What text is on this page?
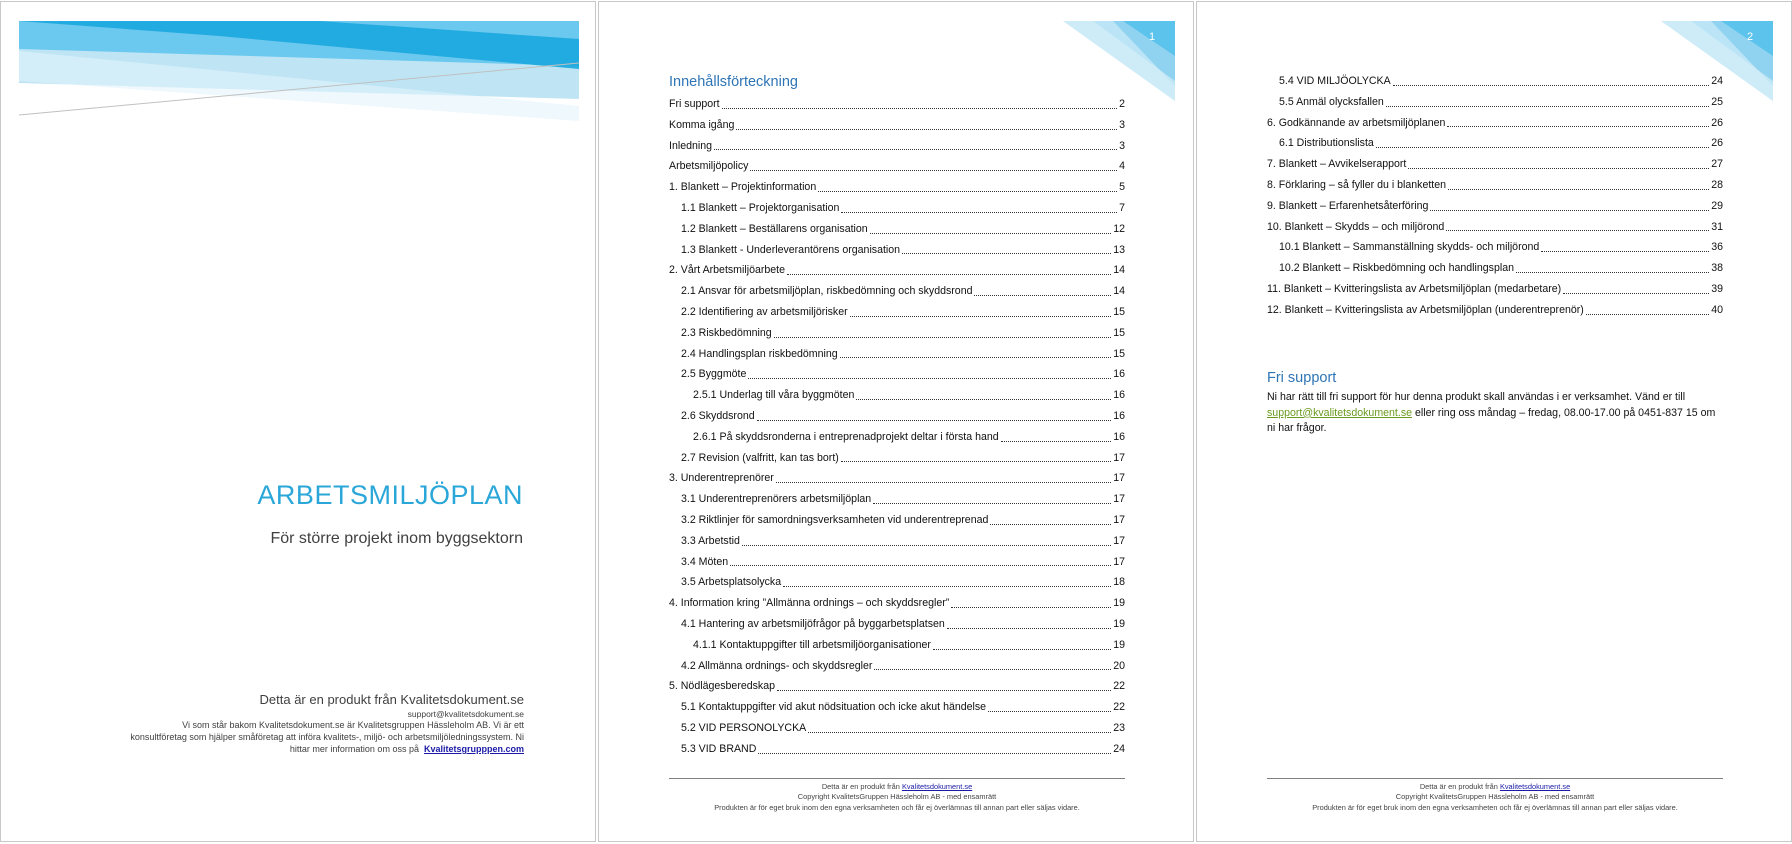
ARBETSMILJÖPLAN
För större projekt inom byggsektorn
Detta är en produkt från Kvalitetsdokument.se
support@kvalitetsdokument.se
Vi som står bakom Kvalitetsdokument.se är Kvalitetsgruppen Hässleholm AB. Vi är ett konsultföretag som hjälper småföretag att införa kvalitets-, miljö- och arbetsmiljöledningssystem. Ni hittar mer information om oss på Kvalitetsgrupppen.com
1
Innehållsförteckning
Fri support	2
Komma igång	3
Inledning	3
Arbetsmiljöpolicy	4
1. Blankett – Projektinformation	5
1.1 Blankett – Projektorganisation	7
1.2 Blankett – Beställarens organisation	12
1.3 Blankett - Underleverantörens organisation	13
2. Vårt Arbetsmiljöarbete	14
2.1 Ansvar för arbetsmiljöplan, riskbedömning och skyddsrond	14
2.2 Identifiering av arbetsmiljörisker	15
2.3 Riskbedömning	15
2.4 Handlingsplan riskbedömning	15
2.5 Byggmöte	16
2.5.1 Underlag till våra byggmöten	16
2.6 Skyddsrond	16
2.6.1 På skyddsronderna i entreprenadprojekt deltar i första hand	16
2.7 Revision (valfritt, kan tas bort)	17
3. Underentreprenörer	17
3.1 Underentreprenörers arbetsmiljöplan	17
3.2 Riktlinjer för samordningsverksamheten vid underentreprenad	17
3.3 Arbetstid	17
3.4 Möten	17
3.5 Arbetsplatsolycka	18
4. Information kring ”Allmänna ordnings – och skyddsregler”	19
4.1 Hantering av arbetsmiljöfrågor på byggarbetsplatsen	19
4.1.1 Kontaktuppgifter till arbetsmiljöorganisationer	19
4.2 Allmänna ordnings- och skyddsregler	20
5. Nödlägesberedskap	22
5.1 Kontaktuppgifter vid akut nödsituation och icke akut händelse	22
5.2 VID PERSONOLYCKA	23
5.3 VID BRAND	24
Detta är en produkt från Kvalitetsdokument.se
Copyright KvalitetsGruppen Hässleholm AB - med ensamrätt
Produkten är för eget bruk inom den egna verksamheten och får ej överlämnas till annan part eller säljas vidare.
2
5.4 VID MILJÖOLYCKA	24
5.5 Anmäl olycksfallen	25
6. Godkännande av arbetsmiljöplanen	26
6.1 Distributionslista	26
7. Blankett – Avvikelserapport	27
8. Förklaring – så fyller du i blanketten	28
9. Blankett – Erfarenhetsåterföring	29
10. Blankett – Skydds – och miljörond	31
10.1 Blankett – Sammanställning skydds- och miljörond	36
10.2 Blankett – Riskbedömning och handlingsplan	38
11. Blankett – Kvitteringslista av Arbetsmiljöplan (medarbetare)	39
12. Blankett – Kvitteringslista av Arbetsmiljöplan (underentreprenör)	40
Fri support
Ni har rätt till fri support för hur denna produkt skall användas i er verksamhet. Vänd er till
support@kvalitetsdokument.se eller ring oss måndag – fredag, 08.00-17.00 på 0451-837 15 om ni har frågor.
Detta är en produkt från Kvalitetsdokument.se
Copyright KvalitetsGruppen Hässleholm AB - med ensamrätt
Produkten är för eget bruk inom den egna verksamheten och får ej överlämnas till annan part eller säljas vidare.
